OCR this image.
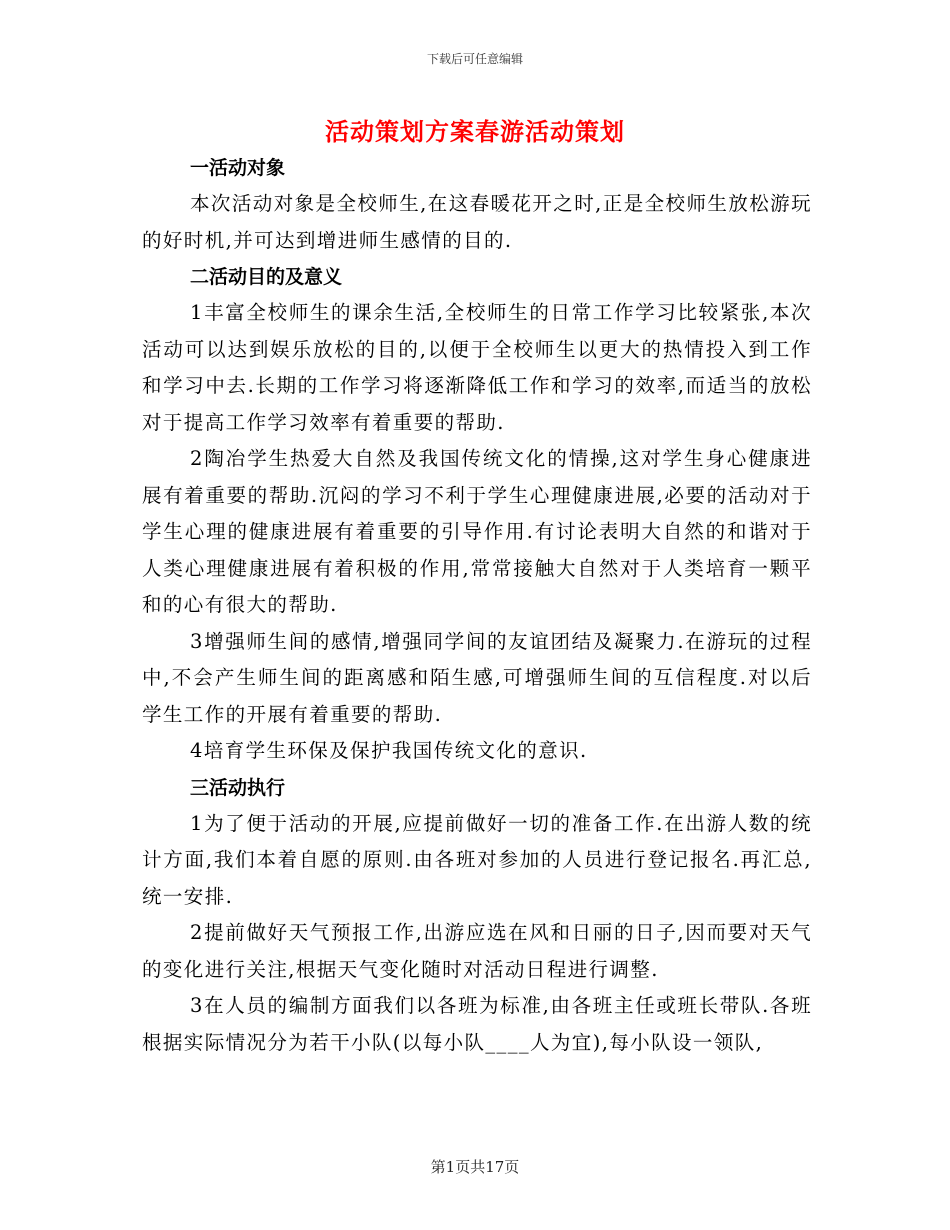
下载后可任意编辑
活动策划方案春游活动策划
一活动对象
本次活动对象是全校师生,在这春暖花开之时,正是全校师生放松游玩的好时机,并可达到增进师生感情的目的.
二活动目的及意义
1丰富全校师生的课余生活,全校师生的日常工作学习比较紧张,本次活动可以达到娱乐放松的目的,以便于全校师生以更大的热情投入到工作和学习中去.长期的工作学习将逐渐降低工作和学习的效率,而适当的放松对于提高工作学习效率有着重要的帮助.
2陶冶学生热爱大自然及我国传统文化的情操,这对学生身心健康进展有着重要的帮助.沉闷的学习不利于学生心理健康进展,必要的活动对于学生心理的健康进展有着重要的引导作用.有讨论表明大自然的和谐对于人类心理健康进展有着积极的作用,常常接触大自然对于人类培育一颗平和的心有很大的帮助.
3增强师生间的感情,增强同学间的友谊团结及凝聚力.在游玩的过程中,不会产生师生间的距离感和陌生感,可增强师生间的互信程度.对以后学生工作的开展有着重要的帮助.
4培育学生环保及保护我国传统文化的意识.
三活动执行
1为了便于活动的开展,应提前做好一切的准备工作.在出游人数的统计方面,我们本着自愿的原则.由各班对参加的人员进行登记报名.再汇总,统一安排.
2提前做好天气预报工作,出游应选在风和日丽的日子,因而要对天气的变化进行关注,根据天气变化随时对活动日程进行调整.
3在人员的编制方面我们以各班为标准,由各班主任或班长带队.各班根据实际情况分为若干小队(以每小队____人为宜),每小队设一领队,
第1页共17页
